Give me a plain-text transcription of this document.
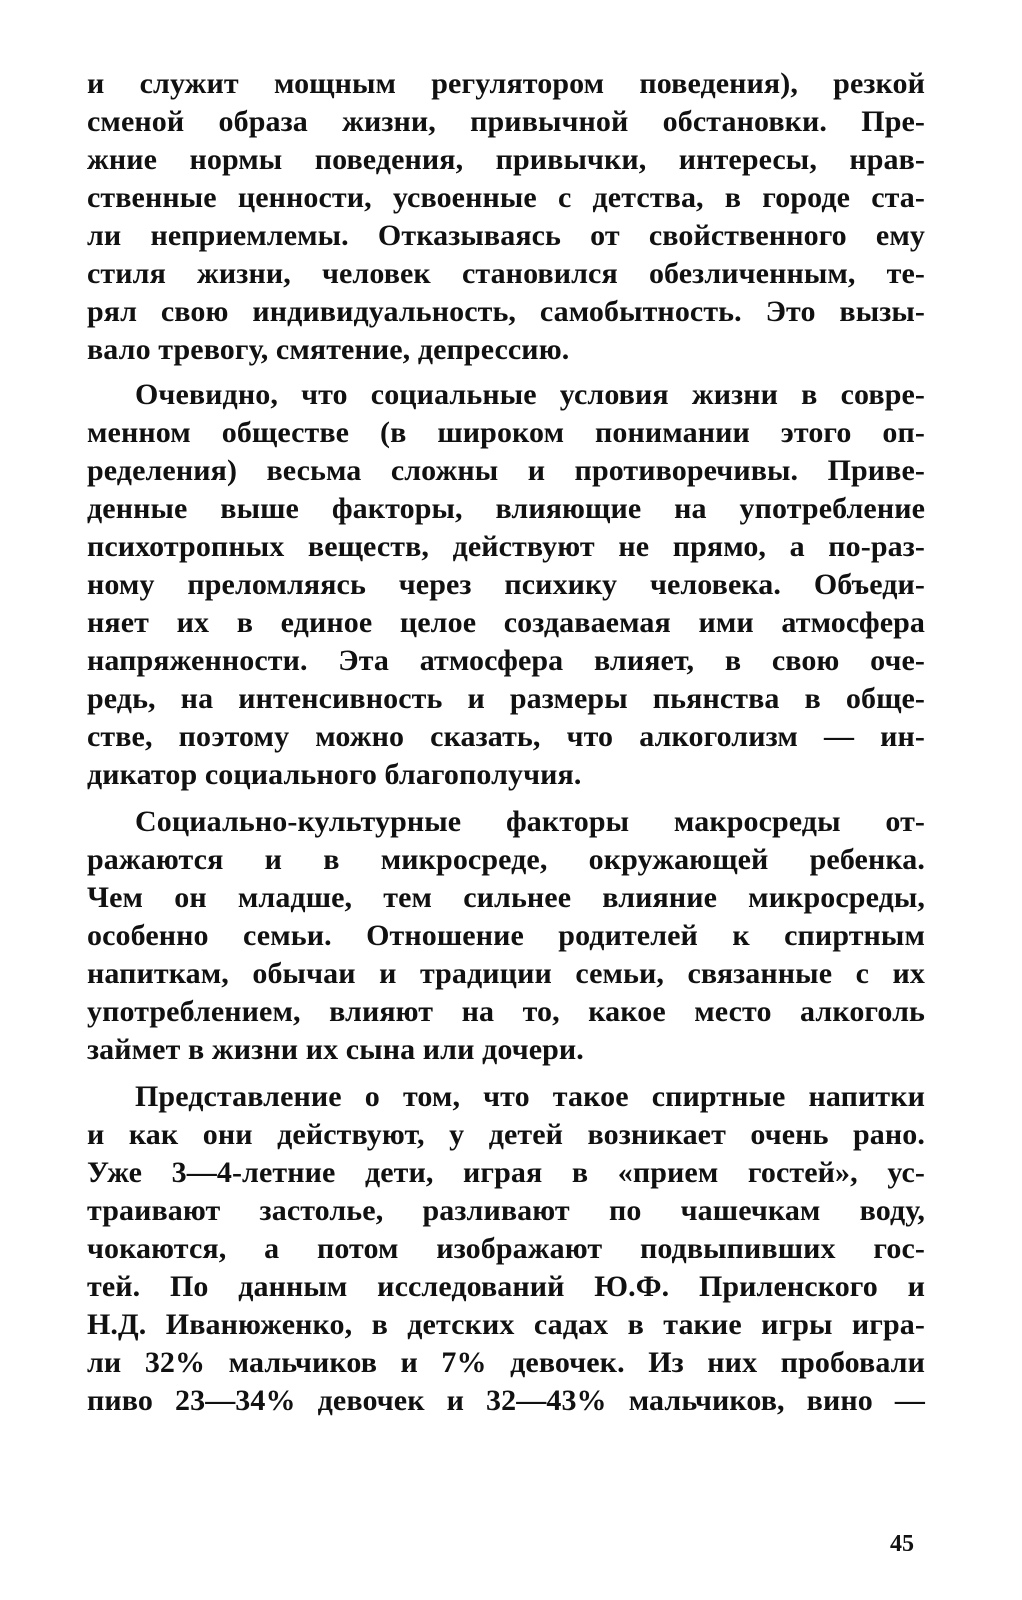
и служит мощным регулятором поведения), резкой
сменой образа жизни, привычной обстановки. Пре-
жние нормы поведения, привычки, интересы, нрав-
ственные ценности, усвоенные с детства, в городе ста-
ли неприемлемы. Отказываясь от свойственного ему
стиля жизни, человек становился обезличенным, те-
рял свою индивидуальность, самобытность. Это вызы-
вало тревогу, смятение, депрессию.
Очевидно, что социальные условия жизни в совре-
менном обществе (в широком понимании этого оп-
ределения) весьма сложны и противоречивы. Приве-
денные выше факторы, влияющие на употребление
психотропных веществ, действуют не прямо, а по-раз-
ному преломляясь через психику человека. Объеди-
няет их в единое целое создаваемая ими атмосфера
напряженности. Эта атмосфера влияет, в свою оче-
редь, на интенсивность и размеры пьянства в обще-
стве, поэтому можно сказать, что алкоголизм — ин-
дикатор социального благополучия.
Социально-культурные факторы макросреды от-
ражаются и в микросреде, окружающей ребенка.
Чем он младше, тем сильнее влияние микросреды,
особенно семьи. Отношение родителей к спиртным
напиткам, обычаи и традиции семьи, связанные с их
употреблением, влияют на то, какое место алкоголь
займет в жизни их сына или дочери.
Представление о том, что такое спиртные напитки
и как они действуют, у детей возникает очень рано.
Уже 3—4-летние дети, играя в «прием гостей», ус-
траивают застолье, разливают по чашечкам воду,
чокаются, а потом изображают подвыпивших гос-
тей. По данным исследований Ю.Ф. Приленского и
Н.Д. Иванюженко, в детских садах в такие игры игра-
ли 32% мальчиков и 7% девочек. Из них пробовали
пиво 23—34% девочек и 32—43% мальчиков, вино —
45
